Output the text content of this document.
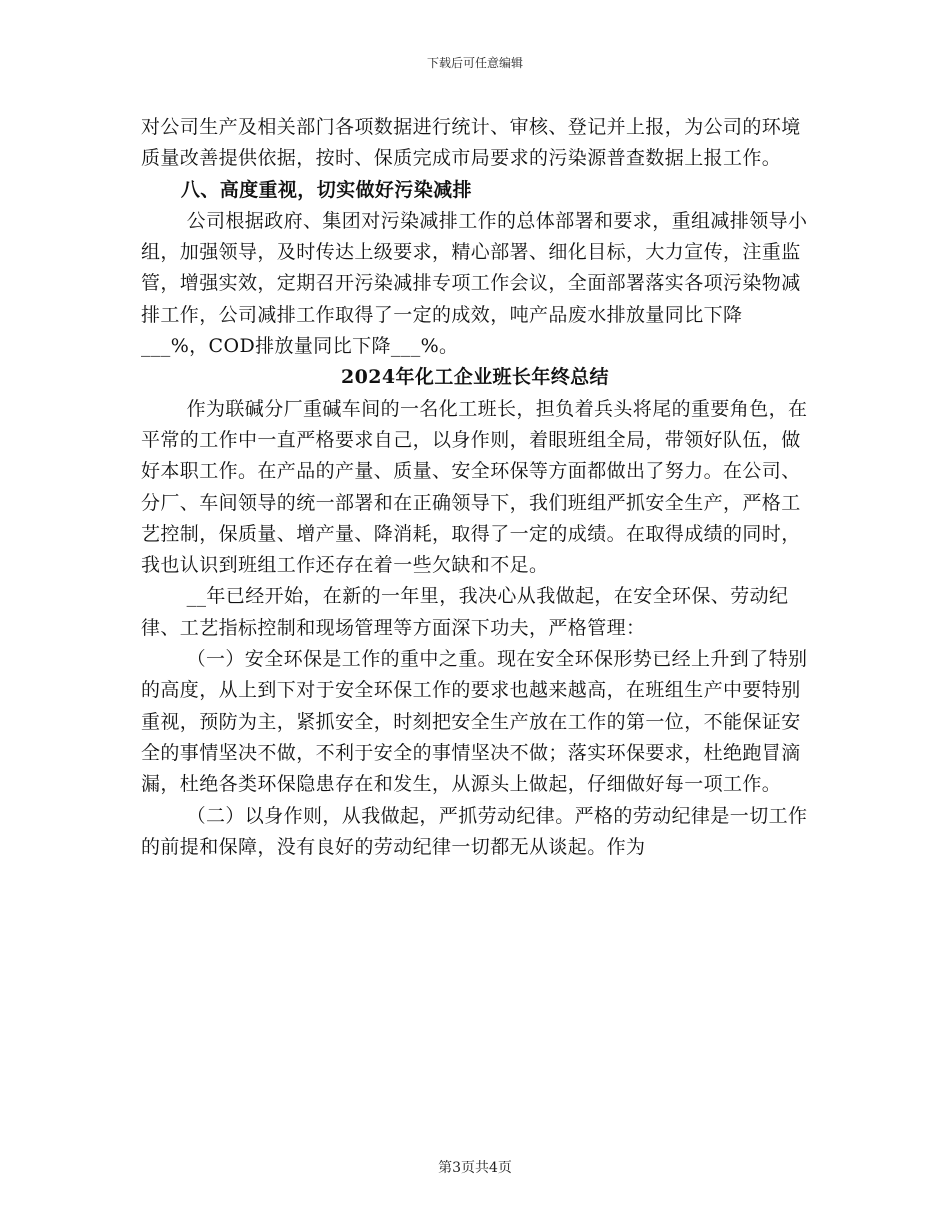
下载后可任意编辑

对公司生产及相关部门各项数据进行统计、审核、登记并上报，为公司的环境质量改善提供依据，按时、保质完成市局要求的污染源普查数据上报工作。

八、高度重视，切实做好污染减排

公司根据政府、集团对污染减排工作的总体部署和要求，重组减排领导小组，加强领导，及时传达上级要求，精心部署、细化目标，大力宣传，注重监管，增强实效，定期召开污染减排专项工作会议，全面部署落实各项污染物减排工作，公司减排工作取得了一定的成效，吨产品废水排放量同比下降___%，COD排放量同比下降___%。

2024年化工企业班长年终总结

作为联碱分厂重碱车间的一名化工班长，担负着兵头将尾的重要角色，在平常的工作中一直严格要求自己，以身作则，着眼班组全局，带领好队伍，做好本职工作。在产品的产量、质量、安全环保等方面都做出了努力。在公司、分厂、车间领导的统一部署和在正确领导下，我们班组严抓安全生产，严格工艺控制，保质量、增产量、降消耗，取得了一定的成绩。在取得成绩的同时，我也认识到班组工作还存在着一些欠缺和不足。

__年已经开始，在新的一年里，我决心从我做起，在安全环保、劳动纪律、工艺指标控制和现场管理等方面深下功夫，严格管理：

（一）安全环保是工作的重中之重。现在安全环保形势已经上升到了特别的高度，从上到下对于安全环保工作的要求也越来越高，在班组生产中要特别重视，预防为主，紧抓安全，时刻把安全生产放在工作的第一位，不能保证安全的事情坚决不做，不利于安全的事情坚决不做；落实环保要求，杜绝跑冒滴漏，杜绝各类环保隐患存在和发生，从源头上做起，仔细做好每一项工作。

（二）以身作则，从我做起，严抓劳动纪律。严格的劳动纪律是一切工作的前提和保障，没有良好的劳动纪律一切都无从谈起。作为

第3页共4页
